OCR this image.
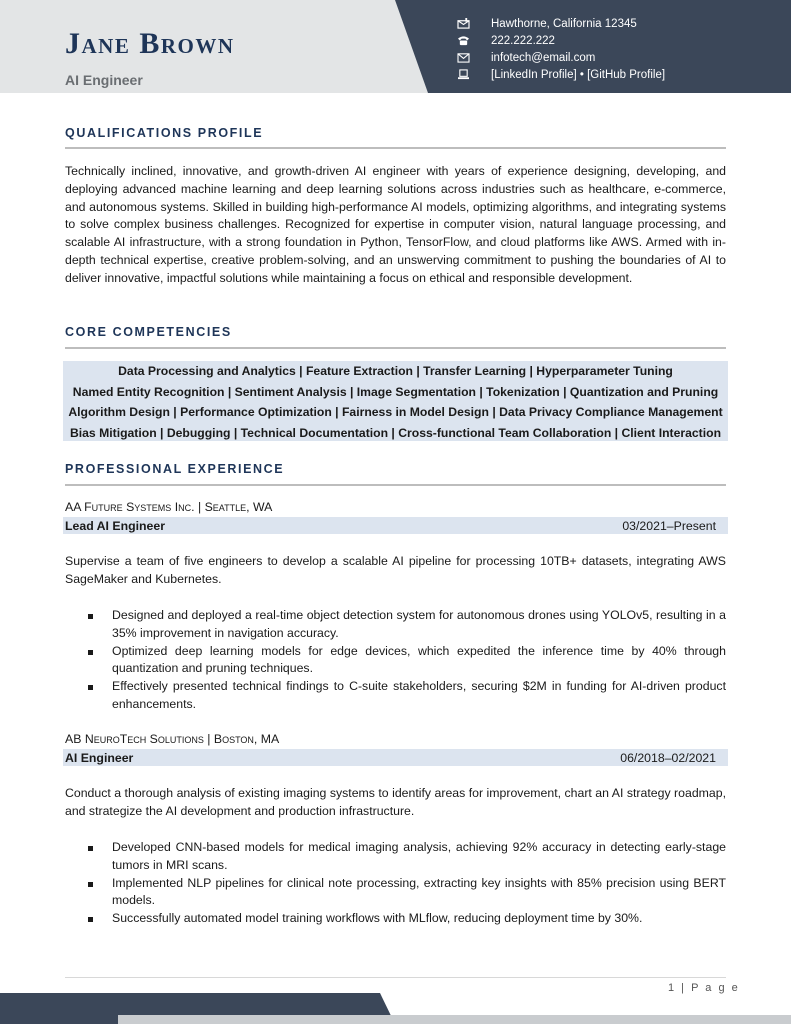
Jane Brown

AI Engineer

Hawthorne, California 12345
222.222.222
infotech@email.com
[LinkedIn Profile] • [GitHub Profile]
QUALIFICATIONS PROFILE

Technically inclined, innovative, and growth-driven AI engineer with years of experience designing, developing, and deploying advanced machine learning and deep learning solutions across industries such as healthcare, e-commerce, and autonomous systems. Skilled in building high-performance AI models, optimizing algorithms, and integrating systems to solve complex business challenges. Recognized for expertise in computer vision, natural language processing, and scalable AI infrastructure, with a strong foundation in Python, TensorFlow, and cloud platforms like AWS. Armed with in-depth technical expertise, creative problem-solving, and an unswerving commitment to pushing the boundaries of AI to deliver innovative, impactful solutions while maintaining a focus on ethical and responsible development.

CORE COMPETENCIES
Data Processing and Analytics | Feature Extraction | Transfer Learning | Hyperparameter Tuning
Named Entity Recognition | Sentiment Analysis | Image Segmentation | Tokenization | Quantization and Pruning
Algorithm Design | Performance Optimization | Fairness in Model Design | Data Privacy Compliance Management
Bias Mitigation | Debugging | Technical Documentation | Cross-functional Team Collaboration | Client Interaction
PROFESSIONAL EXPERIENCE

AA Future Systems Inc. | Seattle, WA

Lead AI Engineer	03/2021–Present

Supervise a team of five engineers to develop a scalable AI pipeline for processing 10TB+ datasets, integrating AWS SageMaker and Kubernetes.

Designed and deployed a real-time object detection system for autonomous drones using YOLOv5, resulting in a 35% improvement in navigation accuracy.
Optimized deep learning models for edge devices, which expedited the inference time by 40% through quantization and pruning techniques.
Effectively presented technical findings to C-suite stakeholders, securing $2M in funding for AI-driven product enhancements.

AB NeuroTech Solutions | Boston, MA

AI Engineer	06/2018–02/2021

Conduct a thorough analysis of existing imaging systems to identify areas for improvement, chart an AI strategy roadmap, and strategize the AI development and production infrastructure.

Developed CNN-based models for medical imaging analysis, achieving 92% accuracy in detecting early-stage tumors in MRI scans.
Implemented NLP pipelines for clinical note processing, extracting key insights with 85% precision using BERT models.
Successfully automated model training workflows with MLflow, reducing deployment time by 30%.
1 | P a g e
